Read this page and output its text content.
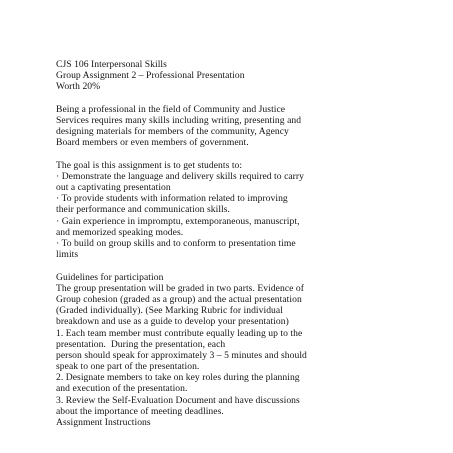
CJS 106 Interpersonal Skills
Group Assignment 2 – Professional Presentation
Worth 20%
Being a professional in the field of Community and Justice
Services requires many skills including writing, presenting and
designing materials for members of the community, Agency
Board members or even members of government.
The goal is this assignment is to get students to:
· Demonstrate the language and delivery skills required to carry
out a captivating presentation
· To provide students with information related to improving
their performance and communication skills.
· Gain experience in impromptu, extemporaneous, manuscript,
and memorized speaking modes.
· To build on group skills and to conform to presentation time
limits
Guidelines for participation
The group presentation will be graded in two parts. Evidence of
Group cohesion (graded as a group) and the actual presentation
(Graded individually). (See Marking Rubric for individual
breakdown and use as a guide to develop your presentation)
1. Each team member must contribute equally leading up to the
presentation.  During the presentation, each
person should speak for approximately 3 – 5 minutes and should
speak to one part of the presentation.
2. Designate members to take on key roles during the planning
and execution of the presentation.
3. Review the Self-Evaluation Document and have discussions
about the importance of meeting deadlines.
Assignment Instructions
